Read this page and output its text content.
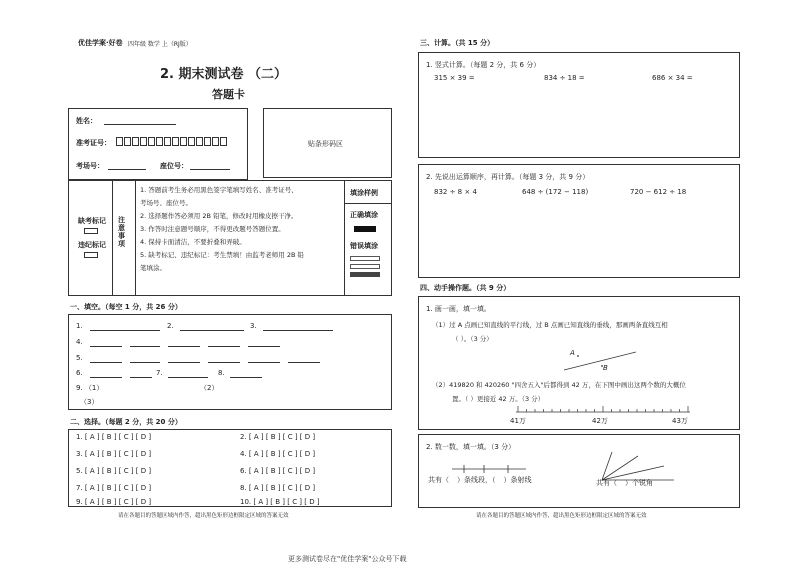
优佳学案·好卷 四年级 数学 上（RJ版）
2. 期末测试卷 （二）
答题卡
姓名：
准考证号：
考场号：	座位号：
贴条形码区
缺考标记
违纪标记
注意事项
1. 答题前考生务必用黑色签字笔填写姓名、准考证号、
考场号、座位号。
2. 选择题作答必须用 2B 铅笔，修改时用橡皮擦干净。
3. 作答时注意题号顺序，不得更改题号答题位置。
4. 保持卡面清洁，不要折叠和弄破。
5. 缺考标记、违纪标记：考生禁填！由监考老师用 2B 铅
笔填涂。
填涂样例
正确填涂
错误填涂
一、填空。（每空 1 分，共 26 分）
1.	2.	3.
4.
5.
6.	7.	8.
9. （1）	（2）
（3）
二、选择。（每题 2 分，共 20 分）
1. [ A ] [ B ] [ C ] [ D ]	2. [ A ] [ B ] [ C ] [ D ]
3. [ A ] [ B ] [ C ] [ D ]	4. [ A ] [ B ] [ C ] [ D ]
5. [ A ] [ B ] [ C ] [ D ]	6. [ A ] [ B ] [ C ] [ D ]
7. [ A ] [ B ] [ C ] [ D ]	8. [ A ] [ B ] [ C ] [ D ]
9. [ A ] [ B ] [ C ] [ D ]	10. [ A ] [ B ] [ C ] [ D ]
请在各题目的答题区域内作答，超出黑色矩形边框限定区域的答案无效
三、计算。（共 15 分）
1. 竖式计算。（每题 2 分，共 6 分）
315 × 39 =	834 ÷ 18 =	686 × 34 =
2. 先说出运算顺序，再计算。（每题 3 分，共 9 分）
832 ÷ 8 × 4	648 ÷ (172 − 118)	720 − 612 ÷ 18
四、动手操作题。（共 9 分）
1. 画一画，填一填。
（1）过 A 点画已知直线的平行线，过 B 点画已知直线的垂线，那画两条直线互相
（ ）。（3 分）
A
B
（2）419820 和 420260 "四舍五入"后都得到 42 万，在下图中画出这两个数的大概位
置。（ ）更接近 42 万。（3 分）
41万	42万	43万
2. 数一数，填一填。（3 分）
共有（ ）条线段，（ ）条射线	共有（ ）个锐角
请在各题目的答题区域内作答，超出黑色矩形边框限定区域的答案无效
更多测试卷尽在"优佳学案"公众号下载
